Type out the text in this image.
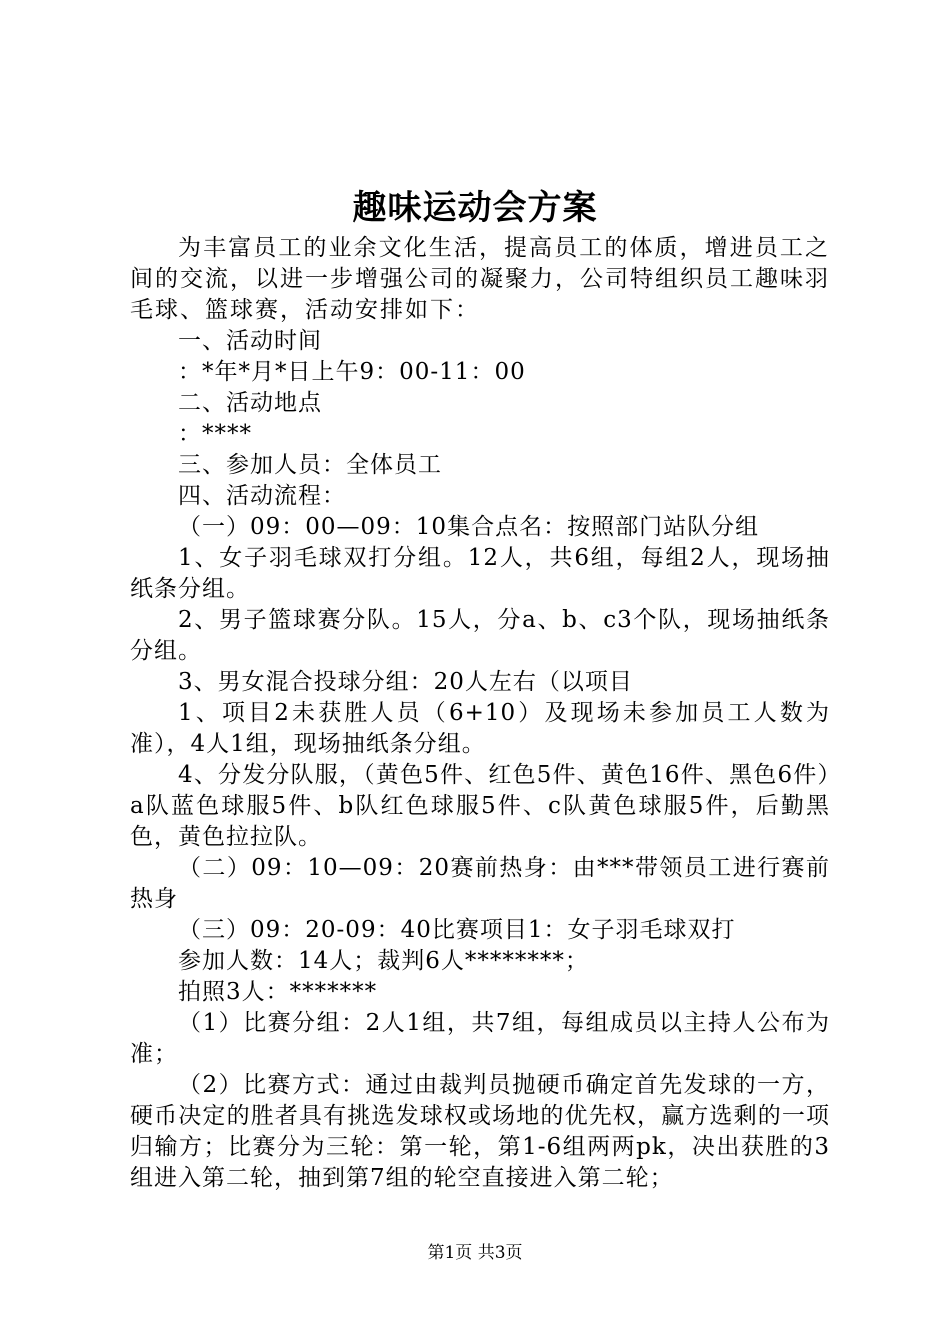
趣味运动会方案

为丰富员工的业余文化生活，提高员工的体质，增进员工之间的交流，以进一步增强公司的凝聚力，公司特组织员工趣味羽毛球、篮球赛，活动安排如下：

一、活动时间

：*年*月*日上午9：00-11：00

二、活动地点

：****

三、参加人员：全体员工

四、活动流程：

（一）09：00—09：10集合点名：按照部门站队分组

1、女子羽毛球双打分组。12人，共6组，每组2人，现场抽纸条分组。

2、男子篮球赛分队。15人，分a、b、c3个队，现场抽纸条分组。

3、男女混合投球分组：20人左右（以项目

1、项目2未获胜人员（6+10）及现场未参加员工人数为准），4人1组，现场抽纸条分组。

4、分发分队服，（黄色5件、红色5件、黄色16件、黑色6件）a队蓝色球服5件、b队红色球服5件、c队黄色球服5件，后勤黑色，黄色拉拉队。

（二）09：10—09：20赛前热身：由***带领员工进行赛前热身

（三）09：20-09：40比赛项目1：女子羽毛球双打

参加人数：14人；裁判6人********；

拍照3人：*******

（1）比赛分组：2人1组，共7组，每组成员以主持人公布为准；

（2）比赛方式：通过由裁判员抛硬币确定首先发球的一方，硬币决定的胜者具有挑选发球权或场地的优先权，赢方选剩的一项归输方；比赛分为三轮：第一轮，第1-6组两两pk，决出获胜的3组进入第二轮，抽到第7组的轮空直接进入第二轮；

第1页 共3页
